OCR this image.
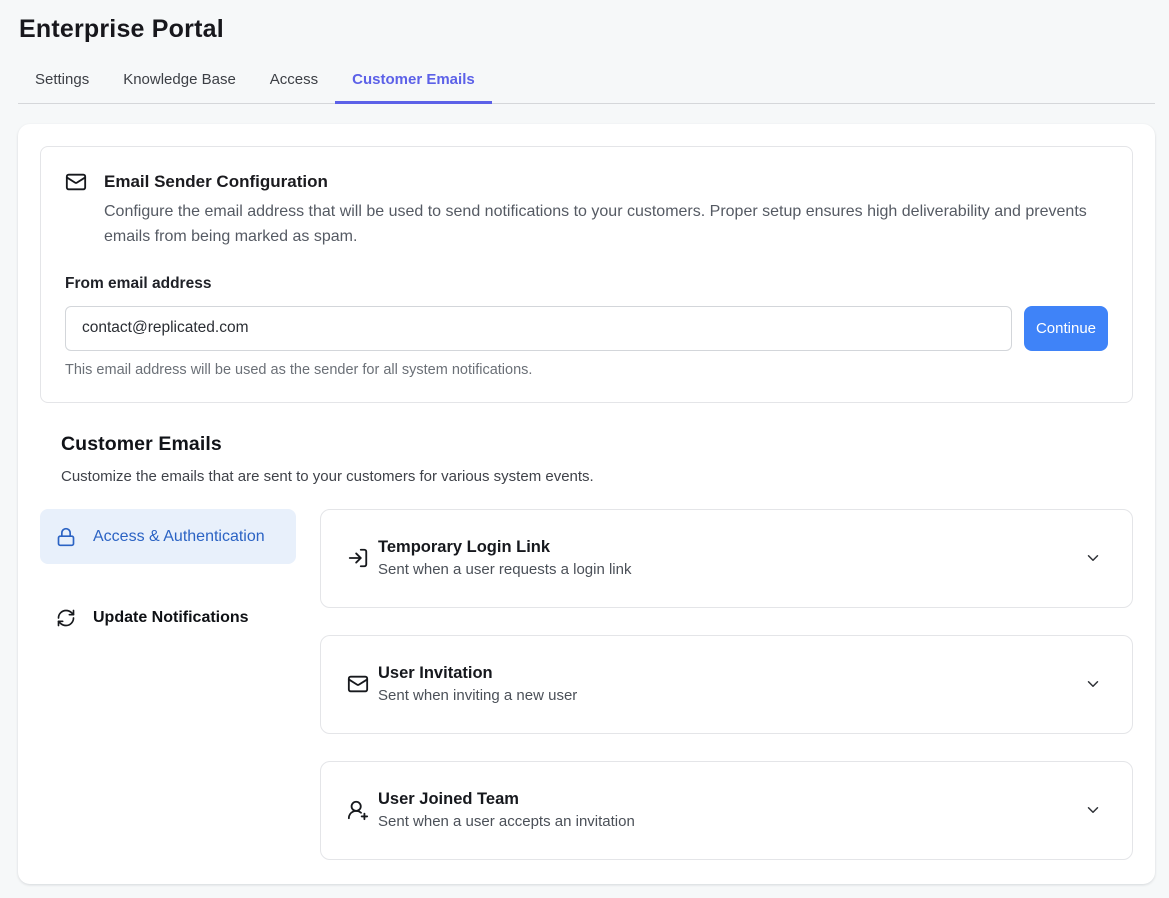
Enterprise Portal
Settings	Knowledge Base	Access	Customer Emails
Email Sender Configuration

Configure the email address that will be used to send notifications to your customers. Proper setup ensures high deliverability and prevents emails from being marked as spam.

From email address
contact@replicated.com
Continue
This email address will be used as the sender for all system notifications.
Customer Emails

Customize the emails that are sent to your customers for various system events.

Access & Authentication
Update Notifications
Temporary Login Link
Sent when a user requests a login link
User Invitation
Sent when inviting a new user
User Joined Team
Sent when a user accepts an invitation
